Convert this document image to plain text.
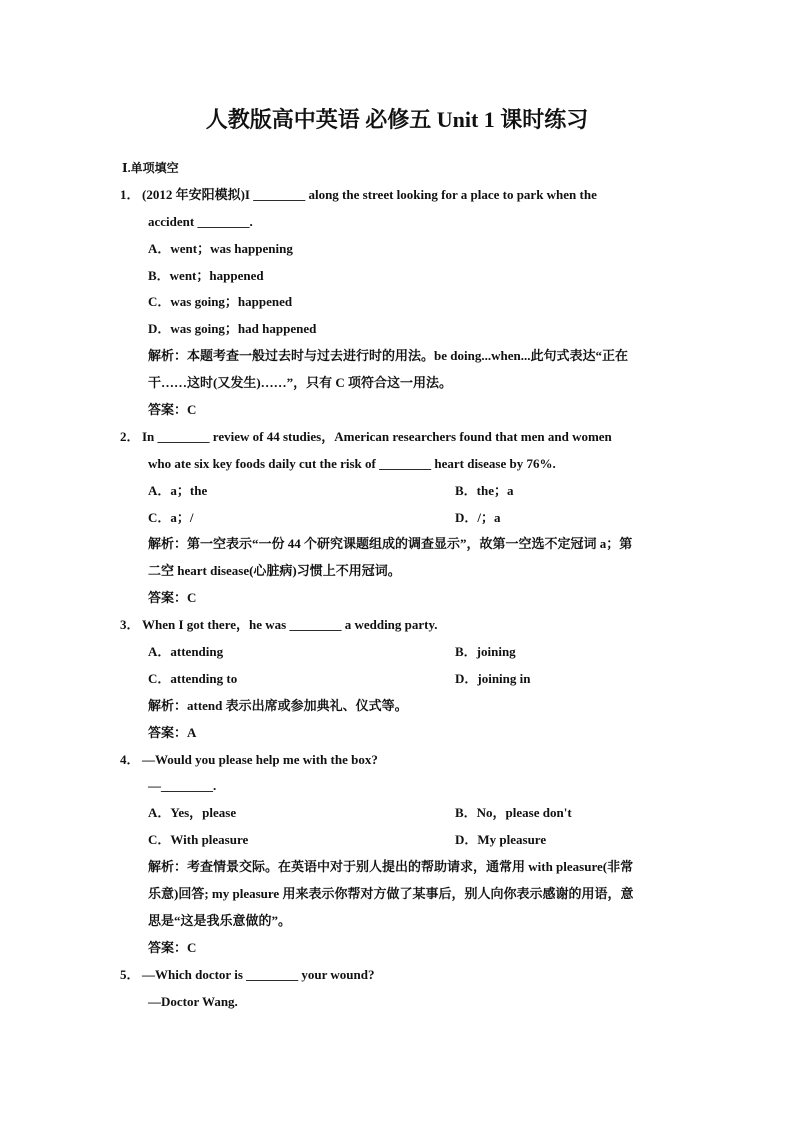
人教版高中英语 必修五 Unit 1 课时练习
Ⅰ.单项填空
1． (2012 年安阳模拟)I ________ along the street looking for a place to park when the
accident ________.
A．went；was happening
B．went；happened
C．was going；happened
D．was going；had happened
解析：本题考查一般过去时与过去进行时的用法。be doing...when...此句式表达“正在
干……这时(又发生)……”，只有 C 项符合这一用法。
答案：C
2． In ________ review of 44 studies，American researchers found that men and women
who ate six key foods daily cut the risk of ________ heart disease by 76%.
A．a；the	B．the；a
C．a；/	D．/；a
解析：第一空表示“一份 44 个研究课题组成的调查显示”，故第一空选不定冠词 a；第
二空 heart disease(心脏病)习惯上不用冠词。
答案：C
3． When I got there，he was ________ a wedding party.
A．attending	B．joining
C．attending to	D．joining in
解析：attend 表示出席或参加典礼、仪式等。
答案：A
4． —Would you please help me with the box?
—________.
A．Yes，please	B．No，please don't
C．With pleasure	D．My pleasure
解析：考查情景交际。在英语中对于别人提出的帮助请求，通常用 with pleasure(非常
乐意)回答; my pleasure 用来表示你帮对方做了某事后，别人向你表示感谢的用语，意
思是“这是我乐意做的”。
答案：C
5． —Which doctor is ________ your wound?
—Doctor Wang.
